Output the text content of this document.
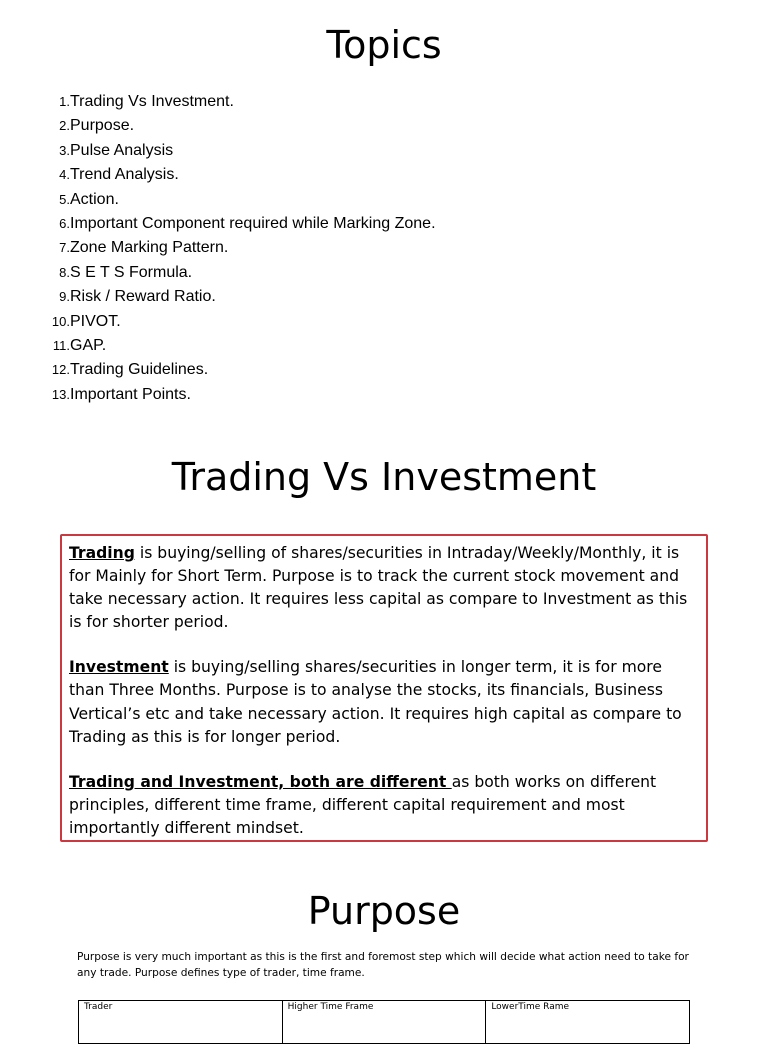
Topics
1. Trading Vs Investment.
2. Purpose.
3. Pulse Analysis
4. Trend Analysis.
5. Action.
6. Important Component required while Marking Zone.
7. Zone Marking Pattern.
8. S E T S Formula.
9. Risk / Reward Ratio.
10. PIVOT.
11. GAP.
12. Trading Guidelines.
13. Important Points.
Trading Vs Investment

Trading is buying/selling of shares/securities in Intraday/Weekly/Monthly, it is for Mainly for Short Term. Purpose is to track the current stock movement and take necessary action. It requires less capital as compare to Investment as this is for shorter period.

Investment is buying/selling shares/securities in longer term, it is for more than Three Months. Purpose is to analyse the stocks, its financials, Business Vertical’s etc and take necessary action. It requires high capital as compare to Trading as this is for longer period.

Trading and Investment, both are different as both works on different principles, different time frame, different capital requirement and most importantly different mindset.

Purpose

Purpose is very much important as this is the first and foremost step which will decide what action need to take for any trade. Purpose defines type of trader, time frame.

Trader	Higher Time Frame	LowerTime Rame
